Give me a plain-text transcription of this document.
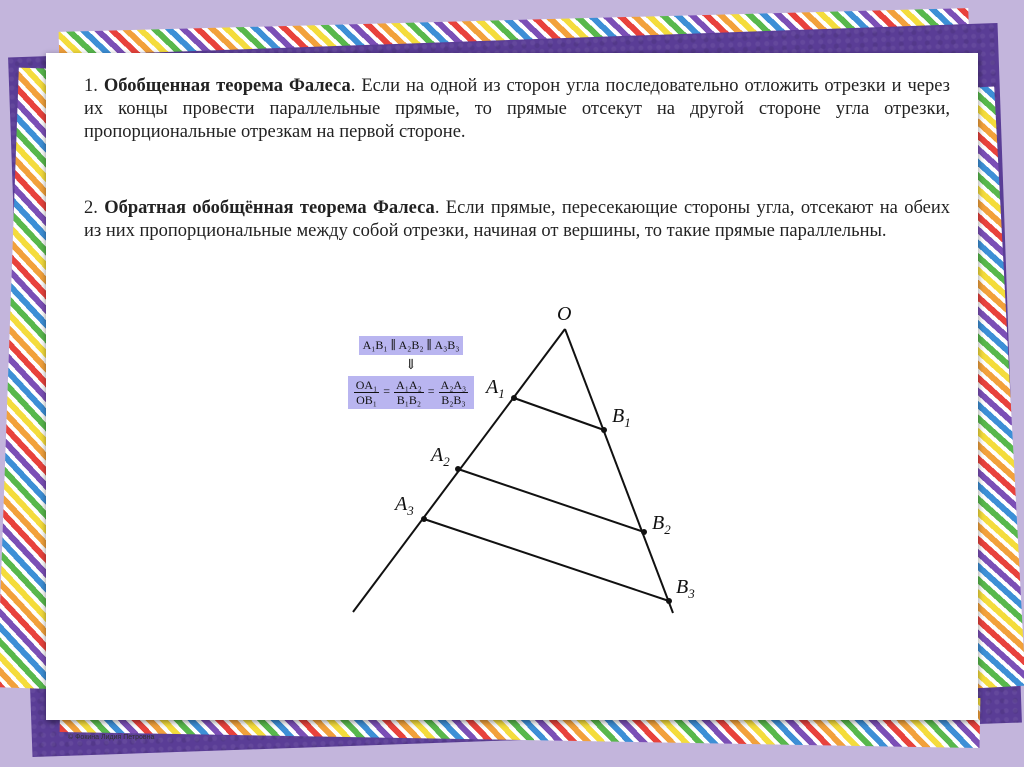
1. Обобщенная теорема Фалеса. Если на одной из сторон угла последовательно отложить отрезки и через их концы провести параллельные прямые, то прямые отсекут на другой стороне угла отрезки, пропорциональные отрезкам на первой стороне.
2. Обратная обобщённая теорема Фалеса. Если прямые, пересекающие стороны угла, отсекают на обеих из них пропорциональные между собой отрезки, начиная от вершины, то такие прямые параллельны.
A₁B₁ ∥ A₂B₂ ∥ A₃B₃
⇓
$\frac{\text{OA₁}}{\text{OB₁}} = \frac{\text{A₁A₂}}{\text{B₁B₂}} = \frac{\text{A₂A₃}}{\text{B₂B₃}}$
O
$A_1$
$B_1$
$A_2$
$B_2$
$A_3$
$B_3$
© Фокина Лидия Петровна
